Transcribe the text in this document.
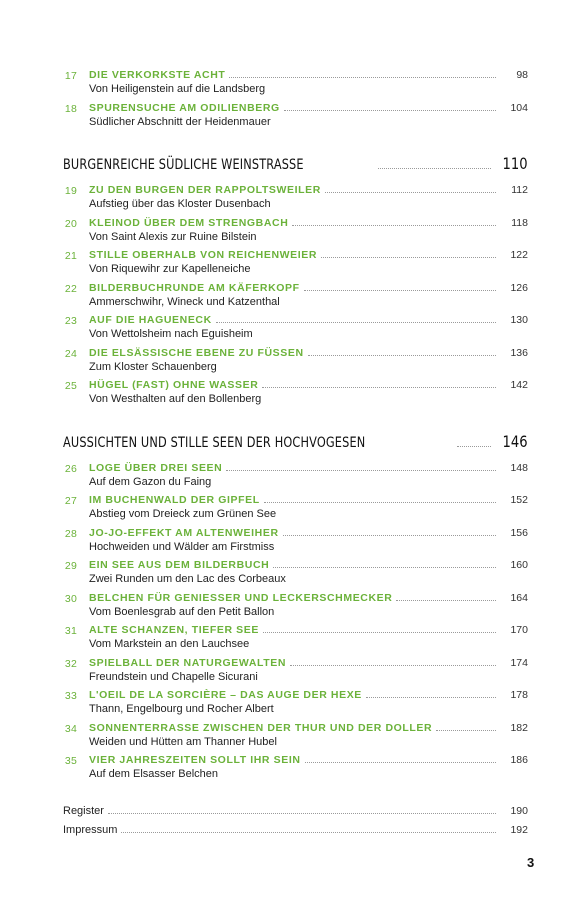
17 DIE VERKORKSTE ACHT	98
Von Heiligenstein auf die Landsberg
18 SPURENSUCHE AM ODILIENBERG	104
Südlicher Abschnitt der Heidenmauer
BURGENREICHE SÜDLICHE WEINSTRASSE	110
19 ZU DEN BURGEN DER RAPPOLTSWEILER	112
Aufstieg über das Kloster Dusenbach
20 KLEINOD ÜBER DEM STRENGBACH	118
Von Saint Alexis zur Ruine Bilstein
21 STILLE OBERHALB VON REICHENWEIER	122
Von Riquewihr zur Kapelleneiche
22 BILDERBUCHRUNDE AM KÄFERKOPF	126
Ammerschwihr, Wineck und Katzenthal
23 AUF DIE HAGUENECK	130
Von Wettolsheim nach Eguisheim
24 DIE ELSÄSSISCHE EBENE ZU FÜSSEN	136
Zum Kloster Schauenberg
25 HÜGEL (FAST) OHNE WASSER	142
Von Westhalten auf den Bollenberg
AUSSICHTEN UND STILLE SEEN DER HOCHVOGESEN	146
26 LOGE ÜBER DREI SEEN	148
Auf dem Gazon du Faing
27 IM BUCHENWALD DER GIPFEL	152
Abstieg vom Dreieck zum Grünen See
28 JO-JO-EFFEKT AM ALTENWEIHER	156
Hochweiden und Wälder am Firstmiss
29 EIN SEE AUS DEM BILDERBUCH	160
Zwei Runden um den Lac des Corbeaux
30 BELCHEN FÜR GENIESSER UND LECKERSCHMECKER	164
Vom Boenlesgrab auf den Petit Ballon
31 ALTE SCHANZEN, TIEFER SEE	170
Vom Markstein an den Lauchsee
32 SPIELBALL DER NATURGEWALTEN	174
Freundstein und Chapelle Sicurani
33 L'OEIL DE LA SORCIÈRE – DAS AUGE DER HEXE	178
Thann, Engelbourg und Rocher Albert
34 SONNENTERRASSE ZWISCHEN DER THUR UND DER DOLLER	182
Weiden und Hütten am Thanner Hubel
35 VIER JAHRESZEITEN SOLLT IHR SEIN	186
Auf dem Elsasser Belchen
Register	190
Impressum	192
3
